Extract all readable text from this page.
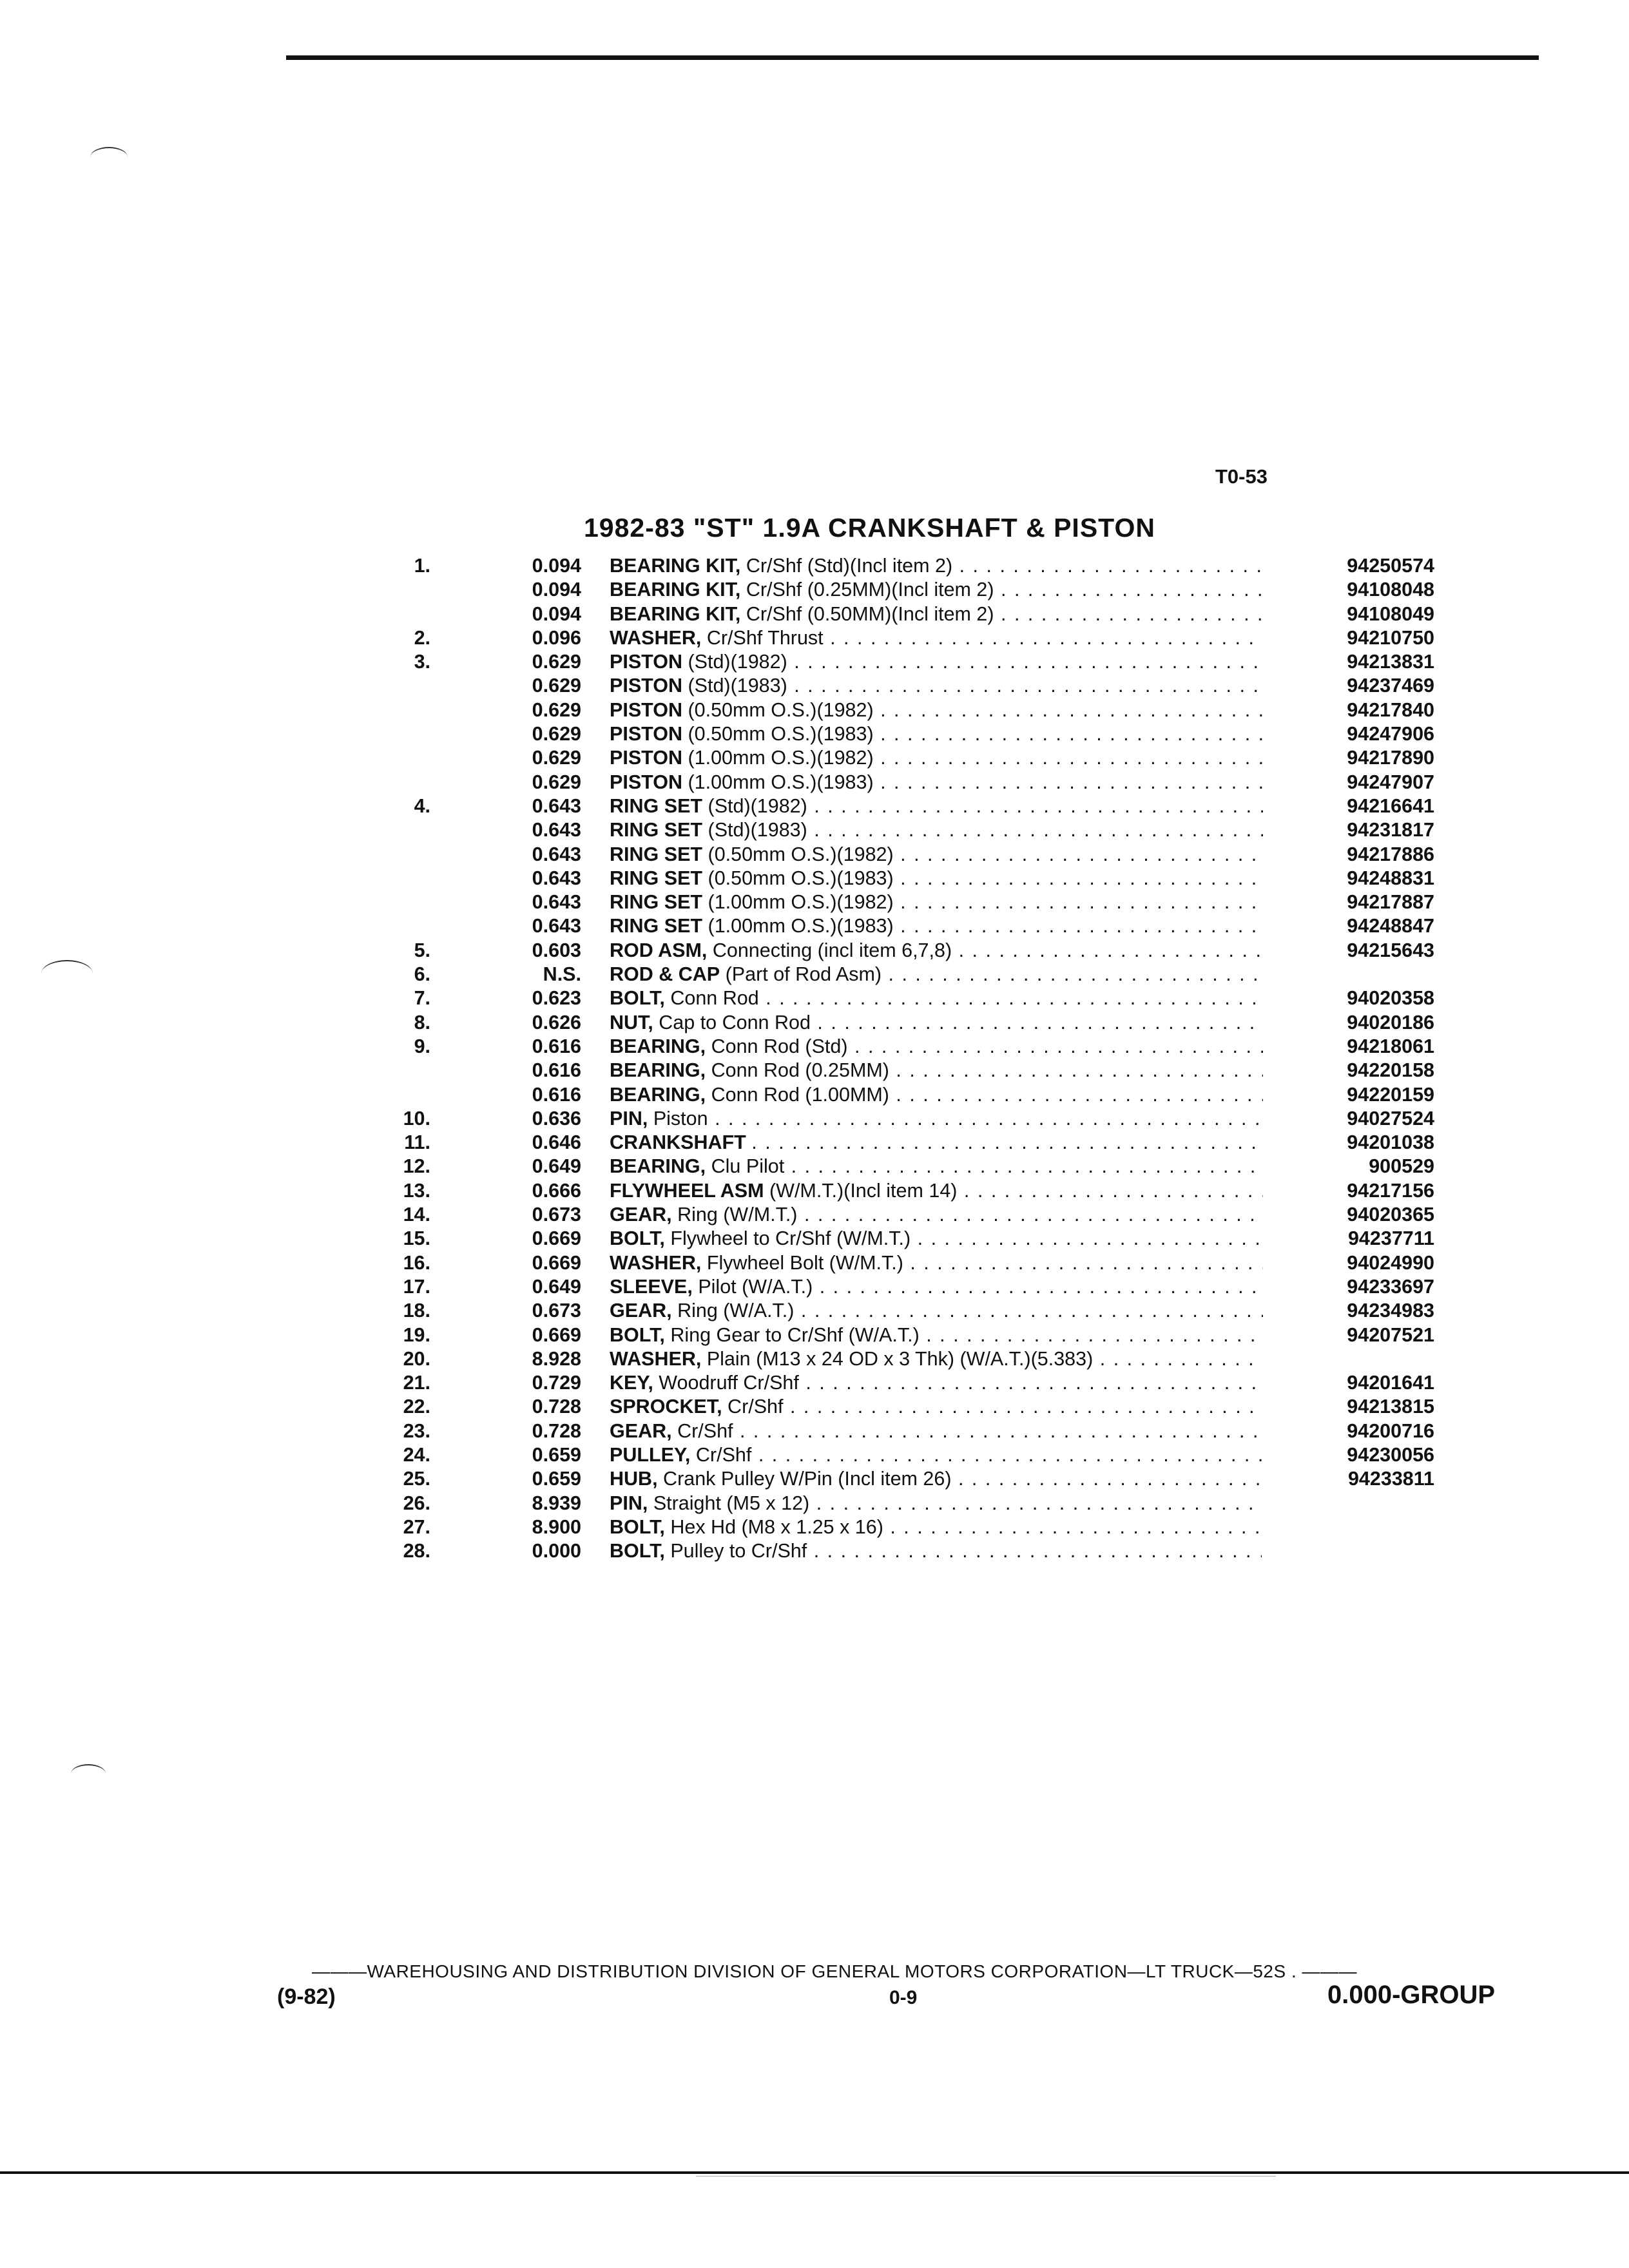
T0-53
1982-83 "ST" 1.9A CRANKSHAFT & PISTON
1.	0.094 BEARING KIT, Cr/Shf (Std)(Incl item 2) . . .	94250574
0.094 BEARING KIT, Cr/Shf (0.25MM)(Incl item 2) . . .	94108048
0.094 BEARING KIT, Cr/Shf (0.50MM)(Incl item 2) . . .	94108049
2.	0.096 WASHER, Cr/Shf Thrust . . .	94210750
3.	0.629 PISTON (Std)(1982) . . .	94213831
0.629 PISTON (Std)(1983) . . .	94237469
0.629 PISTON (0.50mm O.S.)(1982) . . .	94217840
0.629 PISTON (0.50mm O.S.)(1983) . . .	94247906
0.629 PISTON (1.00mm O.S.)(1982) . . .	94217890
0.629 PISTON (1.00mm O.S.)(1983) . . .	94247907
4.	0.643 RING SET (Std)(1982) . . .	94216641
0.643 RING SET (Std)(1983) . . .	94231817
0.643 RING SET (0.50mm O.S.)(1982) . . .	94217886
0.643 RING SET (0.50mm O.S.)(1983) . . .	94248831
0.643 RING SET (1.00mm O.S.)(1982) . . .	94217887
0.643 RING SET (1.00mm O.S.)(1983) . . .	94248847
5.	0.603 ROD ASM, Connecting (incl item 6,7,8) . . .	94215643
6.	N.S. ROD & CAP (Part of Rod Asm) . . .
7.	0.623 BOLT, Conn Rod . . .	94020358
8.	0.626 NUT, Cap to Conn Rod . . .	94020186
9.	0.616 BEARING, Conn Rod (Std) . . .	94218061
0.616 BEARING, Conn Rod (0.25MM) . . .	94220158
0.616 BEARING, Conn Rod (1.00MM) . . .	94220159
10.	0.636 PIN, Piston . . .	94027524
11.	0.646 CRANKSHAFT . . .	94201038
12.	0.649 BEARING, Clu Pilot . . .	900529
13.	0.666 FLYWHEEL ASM (W/M.T.)(Incl item 14) . . .	94217156
14.	0.673 GEAR, Ring (W/M.T.) . . .	94020365
15.	0.669 BOLT, Flywheel to Cr/Shf (W/M.T.) . . .	94237711
16.	0.669 WASHER, Flywheel Bolt (W/M.T.) . . .	94024990
17.	0.649 SLEEVE, Pilot (W/A.T.) . . .	94233697
18.	0.673 GEAR, Ring (W/A.T.) . . .	94234983
19.	0.669 BOLT, Ring Gear to Cr/Shf (W/A.T.) . . .	94207521
20.	8.928 WASHER, Plain (M13 x 24 OD x 3 Thk) (W/A.T.)(5.383) . . .
21.	0.729 KEY, Woodruff Cr/Shf . . .	94201641
22.	0.728 SPROCKET, Cr/Shf . . .	94213815
23.	0.728 GEAR, Cr/Shf . . .	94200716
24.	0.659 PULLEY, Cr/Shf . . .	94230056
25.	0.659 HUB, Crank Pulley W/Pin (Incl item 26) . . .	94233811
26.	8.939 PIN, Straight (M5 x 12) . . .
27.	8.900 BOLT, Hex Hd (M8 x 1.25 x 16) . . .
28.	0.000 BOLT, Pulley to Cr/Shf . . .
———WAREHOUSING AND DISTRIBUTION DIVISION OF GENERAL MOTORS CORPORATION—LT TRUCK—52S . ———
(9-82)	0-9	0.000-GROUP
